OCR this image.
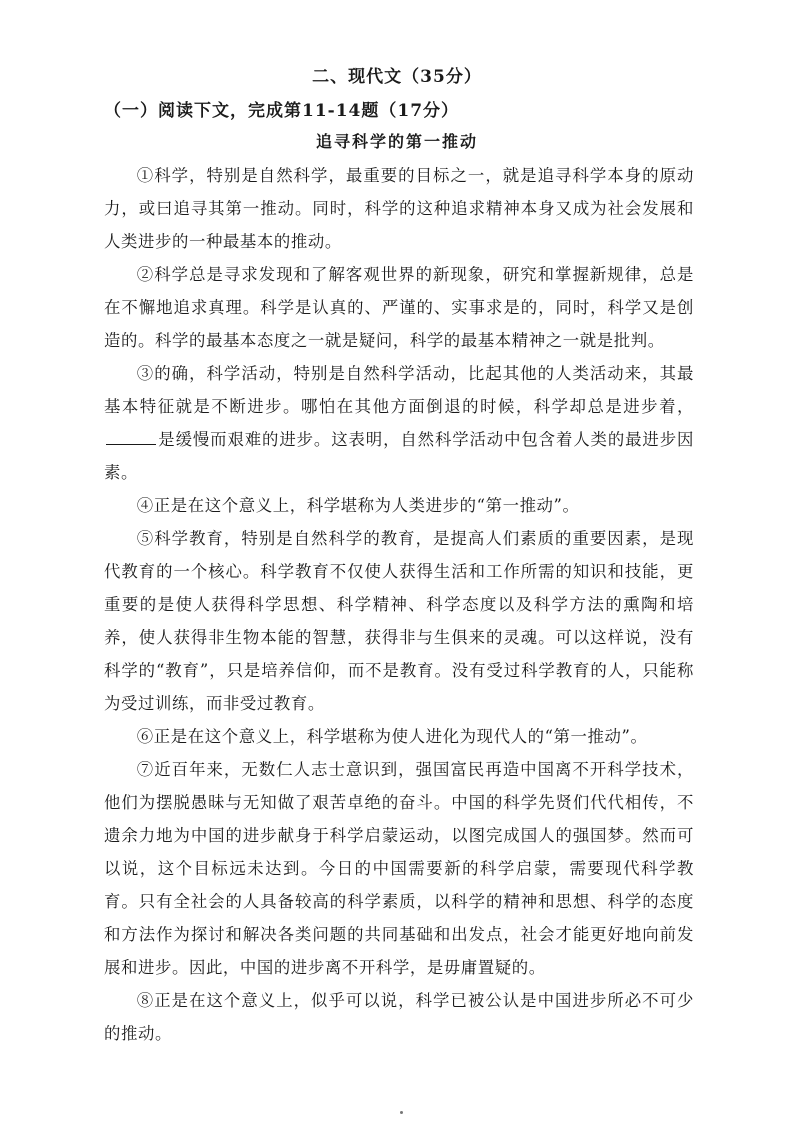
二、现代文（35分）
（一）阅读下文，完成第11-14题（17分）
追寻科学的第一推动

①科学，特别是自然科学，最重要的目标之一，就是追寻科学本身的原动力，或曰追寻其第一推动。同时，科学的这种追求精神本身又成为社会发展和人类进步的一种最基本的推动。

②科学总是寻求发现和了解客观世界的新现象，研究和掌握新规律，总是在不懈地追求真理。科学是认真的、严谨的、实事求是的，同时，科学又是创造的。科学的最基本态度之一就是疑问，科学的最基本精神之一就是批判。

③的确，科学活动，特别是自然科学活动，比起其他的人类活动来，其最基本特征就是不断进步。哪怕在其他方面倒退的时候，科学却总是进步着，是缓慢而艰难的进步。这表明，自然科学活动中包含着人类的最进步因素。

④正是在这个意义上，科学堪称为人类进步的“第一推动”。

⑤科学教育，特别是自然科学的教育，是提高人们素质的重要因素，是现代教育的一个核心。科学教育不仅使人获得生活和工作所需的知识和技能，更重要的是使人获得科学思想、科学精神、科学态度以及科学方法的熏陶和培养，使人获得非生物本能的智慧，获得非与生俱来的灵魂。可以这样说，没有科学的“教育”，只是培养信仰，而不是教育。没有受过科学教育的人，只能称为受过训练，而非受过教育。

⑥正是在这个意义上，科学堪称为使人进化为现代人的“第一推动”。

⑦近百年来，无数仁人志士意识到，强国富民再造中国离不开科学技术，他们为摆脱愚昧与无知做了艰苦卓绝的奋斗。中国的科学先贤们代代相传，不遗余力地为中国的进步献身于科学启蒙运动，以图完成国人的强国梦。然而可以说，这个目标远未达到。今日的中国需要新的科学启蒙，需要现代科学教育。只有全社会的人具备较高的科学素质，以科学的精神和思想、科学的态度和方法作为探讨和解决各类问题的共同基础和出发点，社会才能更好地向前发展和进步。因此，中国的进步离不开科学，是毋庸置疑的。

⑧正是在这个意义上，似乎可以说，科学已被公认是中国进步所必不可少的推动。
